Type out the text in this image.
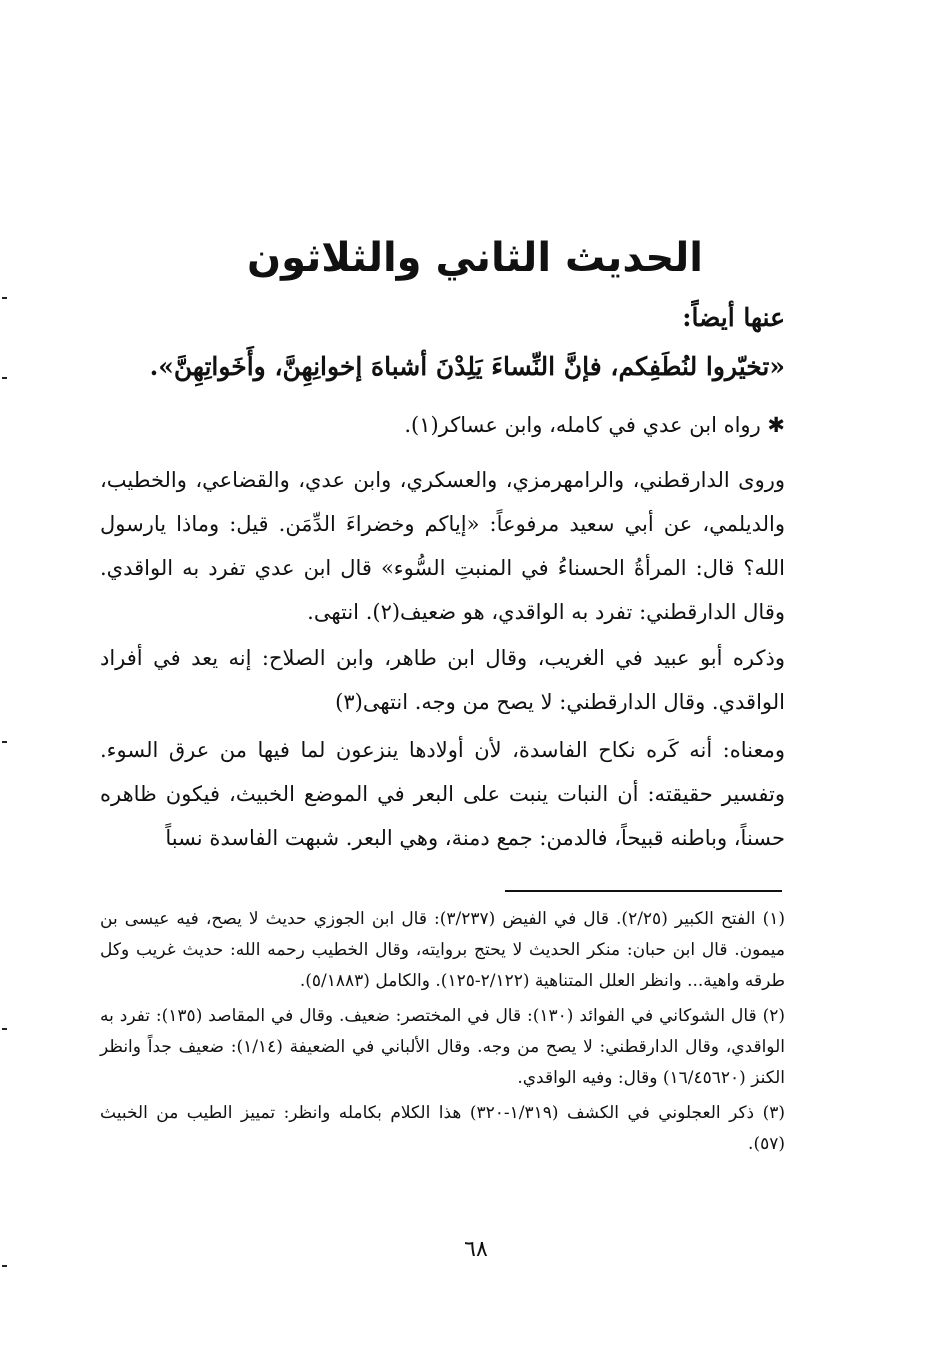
الحديث الثاني والثلاثون

عنها أيضاً:

«تخيّروا لنُطَفِكم، فإنَّ النِّساءَ يَلِدْنَ أشباهَ إخوانِهِنَّ، وأَخَواتِهِنَّ».

✱ رواه ابن عدي في كامله، وابن عساكر(١).

وروى الدارقطني، والرامهرمزي، والعسكري، وابن عدي، والقضاعي، والخطيب، والديلمي، عن أبي سعيد مرفوعاً: «إياكم وخضراءَ الدِّمَن. قيل: وماذا يارسول الله؟ قال: المرأةُ الحسناءُ في المنبتِ السُّوء» قال ابن عدي تفرد به الواقدي. وقال الدارقطني: تفرد به الواقدي، هو ضعيف(٢). انتهى.

وذكره أبو عبيد في الغريب، وقال ابن طاهر، وابن الصلاح: إنه يعد في أفراد الواقدي. وقال الدارقطني: لا يصح من وجه. انتهى(٣)

ومعناه: أنه كَره نكاح الفاسدة، لأن أولادها ينزعون لما فيها من عرق السوء. وتفسير حقيقته: أن النبات ينبت على البعر في الموضع الخبيث، فيكون ظاهره حسناً، وباطنه قبيحاً، فالدمن: جمع دمنة، وهي البعر. شبهت الفاسدة نسباً

(١) الفتح الكبير (٢/٢٥). قال في الفيض (٣/٢٣٧): قال ابن الجوزي حديث لا يصح، فيه عيسى بن ميمون. قال ابن حبان: منكر الحديث لا يحتج بروايته، وقال الخطيب رحمه الله: حديث غريب وكل طرقه واهية... وانظر العلل المتناهية (٢/١٢٢-١٢٥). والكامل (٥/١٨٨٣).
(٢) قال الشوكاني في الفوائد (١٣٠): قال في المختصر: ضعيف. وقال في المقاصد (١٣٥): تفرد به الواقدي، وقال الدارقطني: لا يصح من وجه. وقال الألباني في الضعيفة (١/١٤): ضعيف جداً وانظر الكنز (١٦/٤٥٦٢٠) وقال: وفيه الواقدي.
(٣) ذكر العجلوني في الكشف (١/٣١٩-٣٢٠) هذا الكلام بكامله وانظر: تمييز الطيب من الخبيث (٥٧).

٦٨
